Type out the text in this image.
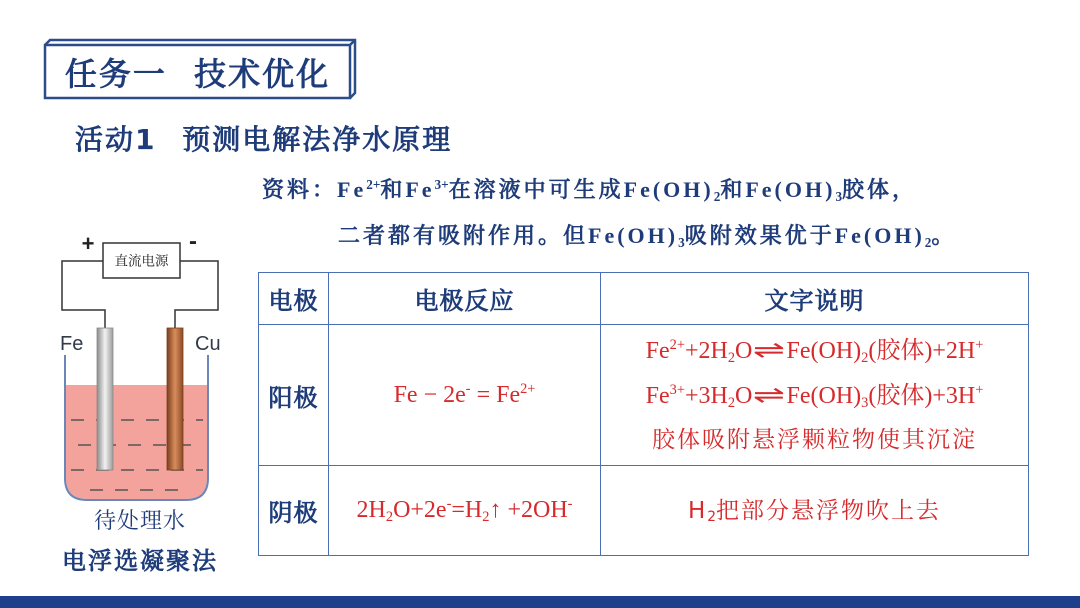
任务一 技术优化
活动1 预测电解法净水原理
资料：$Fe^{2+}$和$Fe^{3+}$在溶液中可生成$Fe(OH)_2$和$Fe(OH)_3$胶体，
二者都有吸附作用。但$Fe(OH)_3$吸附效果优于$Fe(OH)_2$。
+	-
直流电源
Fe	Cu
待处理水
电浮选凝聚法
电极	电极反应	文字说明
阳极	$Fe - 2e^- = Fe^{2+}$	$Fe^{2+}+2H_2O\rightleftharpoons Fe(OH)_2$(胶体)+2H+
$Fe^{3+}+3H_2O\rightleftharpoons Fe(OH)_3$(胶体)+3H+
胶体吸附悬浮颗粒物使其沉淀

阴极	$2H_2O+2e^-=H_2↑ +2OH^-$	$H_2$把部分悬浮物吹上去
